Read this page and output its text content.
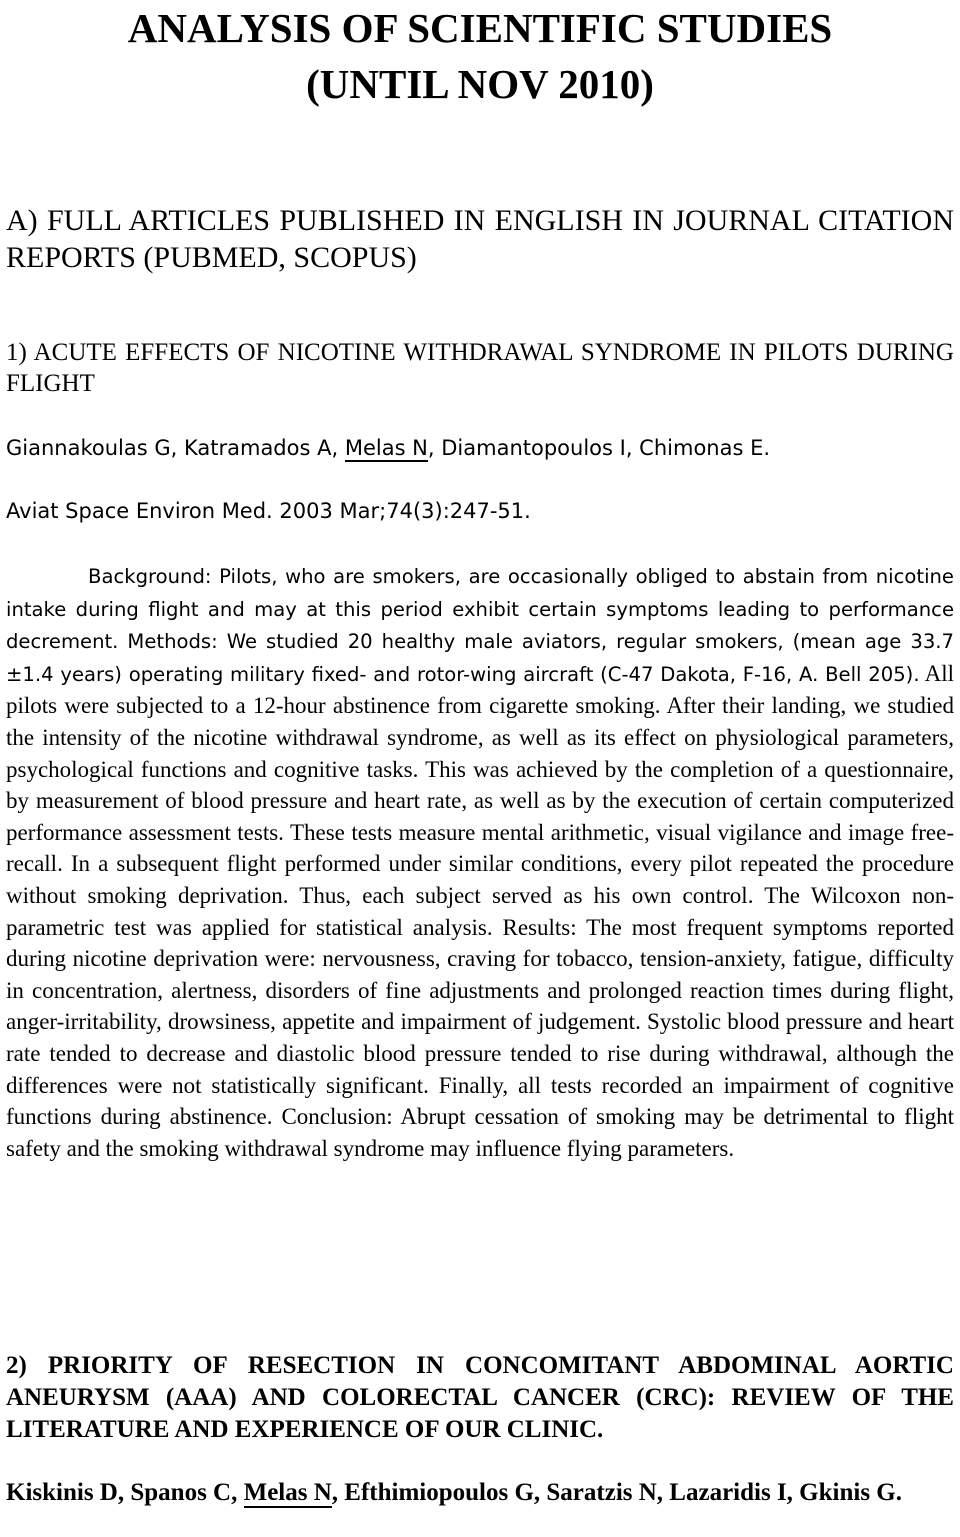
ANALYSIS OF SCIENTIFIC STUDIES
(UNTIL NOV 2010)
A) FULL ARTICLES PUBLISHED IN ENGLISH IN JOURNAL CITATION REPORTS (PUBMED, SCOPUS)

1) ACUTE EFFECTS OF NICOTINE WITHDRAWAL SYNDROME IN PILOTS DURING FLIGHT

Giannakoulas G, Katramados A, Melas N, Diamantopoulos I, Chimonas E.

Aviat Space Environ Med. 2003 Mar;74(3):247-51.

Background: Pilots, who are smokers, are occasionally obliged to abstain from nicotine intake during flight and may at this period exhibit certain symptoms leading to performance decrement. Methods: We studied 20 healthy male aviators, regular smokers, (mean age 33.7 ±1.4 years) operating military fixed- and rotor-wing aircraft (C-47 Dakota, F-16, A. Bell 205). All pilots were subjected to a 12-hour abstinence from cigarette smoking. After their landing, we studied the intensity of the nicotine withdrawal syndrome, as well as its effect on physiological parameters, psychological functions and cognitive tasks. This was achieved by the completion of a questionnaire, by measurement of blood pressure and heart rate, as well as by the execution of certain computerized performance assessment tests. These tests measure mental arithmetic, visual vigilance and image free-recall. In a subsequent flight performed under similar conditions, every pilot repeated the procedure without smoking deprivation. Thus, each subject served as his own control. The Wilcoxon non-parametric test was applied for statistical analysis. Results: The most frequent symptoms reported during nicotine deprivation were: nervousness, craving for tobacco, tension-anxiety, fatigue, difficulty in concentration, alertness, disorders of fine adjustments and prolonged reaction times during flight, anger-irritability, drowsiness, appetite and impairment of judgement. Systolic blood pressure and heart rate tended to decrease and diastolic blood pressure tended to rise during withdrawal, although the differences were not statistically significant. Finally, all tests recorded an impairment of cognitive functions during abstinence. Conclusion: Abrupt cessation of smoking may be detrimental to flight safety and the smoking withdrawal syndrome may influence flying parameters.

2) PRIORITY OF RESECTION IN CONCOMITANT ABDOMINAL AORTIC ANEURYSM (AAA) AND COLORECTAL CANCER (CRC): REVIEW OF THE LITERATURE AND EXPERIENCE OF OUR CLINIC.

Kiskinis D, Spanos C, Melas N, Efthimiopoulos G, Saratzis N, Lazaridis I, Gkinis G.
